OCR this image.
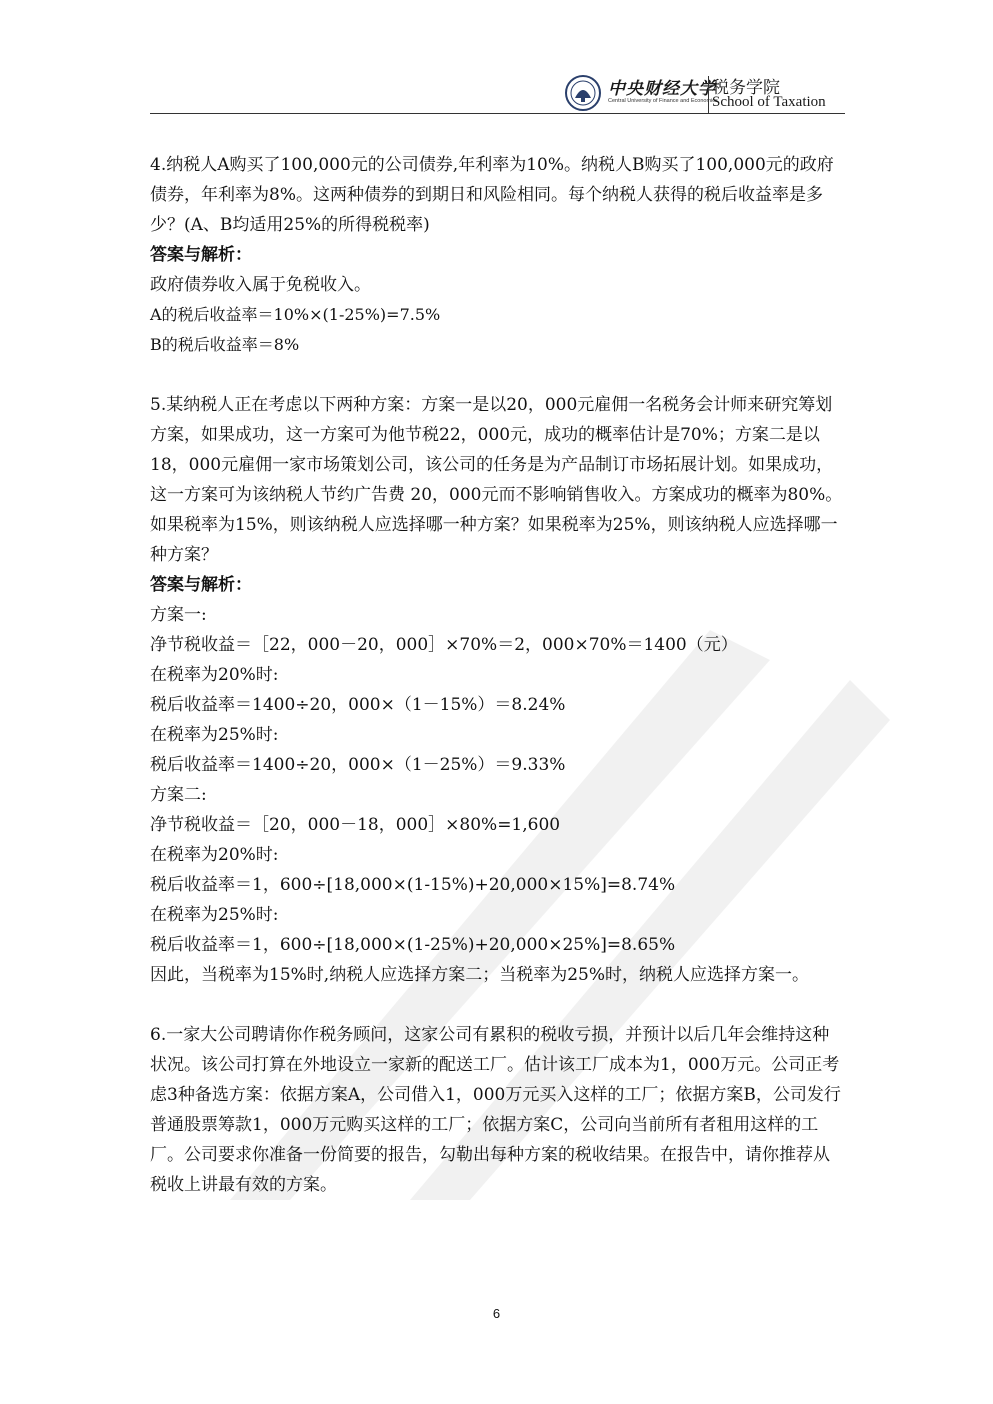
中央财经大学
Central University of Finance and Economics
税务学院
School of Taxation

4.纳税人A购买了100,000元的公司债券,年利率为10%。纳税人B购买了100,000元的政府债券，年利率为8%。这两种债券的到期日和风险相同。每个纳税人获得的税后收益率是多少？(A、B均适用25%的所得税税率)

答案与解析：

政府债券收入属于免税收入。

A的税后收益率＝10%×(1-25%)=7.5%

B的税后收益率＝8%

5.某纳税人正在考虑以下两种方案：方案一是以20，000元雇佣一名税务会计师来研究筹划方案，如果成功，这一方案可为他节税22，000元，成功的概率估计是70%；方案二是以18，000元雇佣一家市场策划公司，该公司的任务是为产品制订市场拓展计划。如果成功，这一方案可为该纳税人节约广告费 20，000元而不影响销售收入。方案成功的概率为80%。如果税率为15%，则该纳税人应选择哪一种方案？如果税率为25%，则该纳税人应选择哪一种方案？

答案与解析：

方案一:

净节税收益＝［22，000－20，000］×70%＝2，000×70%＝1400（元）

在税率为20%时:

税后收益率＝1400÷20，000×（1－15%）＝8.24%

在税率为25%时:

税后收益率＝1400÷20，000×（1－25%）＝9.33%

方案二:

净节税收益＝［20，000－18，000］×80%=1,600

在税率为20%时:

税后收益率＝1，600÷[18,000×(1-15%)+20,000×15%]=8.74%

在税率为25%时:

税后收益率＝1，600÷[18,000×(1-25%)+20,000×25%]=8.65%

因此，当税率为15%时,纳税人应选择方案二；当税率为25%时，纳税人应选择方案一。

6.一家大公司聘请你作税务顾问，这家公司有累积的税收亏损，并预计以后几年会维持这种状况。该公司打算在外地设立一家新的配送工厂。估计该工厂成本为1，000万元。公司正考虑3种备选方案：依据方案A，公司借入1，000万元买入这样的工厂；依据方案B，公司发行普通股票筹款1，000万元购买这样的工厂；依据方案C，公司向当前所有者租用这样的工厂。公司要求你准备一份简要的报告，勾勒出每种方案的税收结果。在报告中，请你推荐从税收上讲最有效的方案。

6
